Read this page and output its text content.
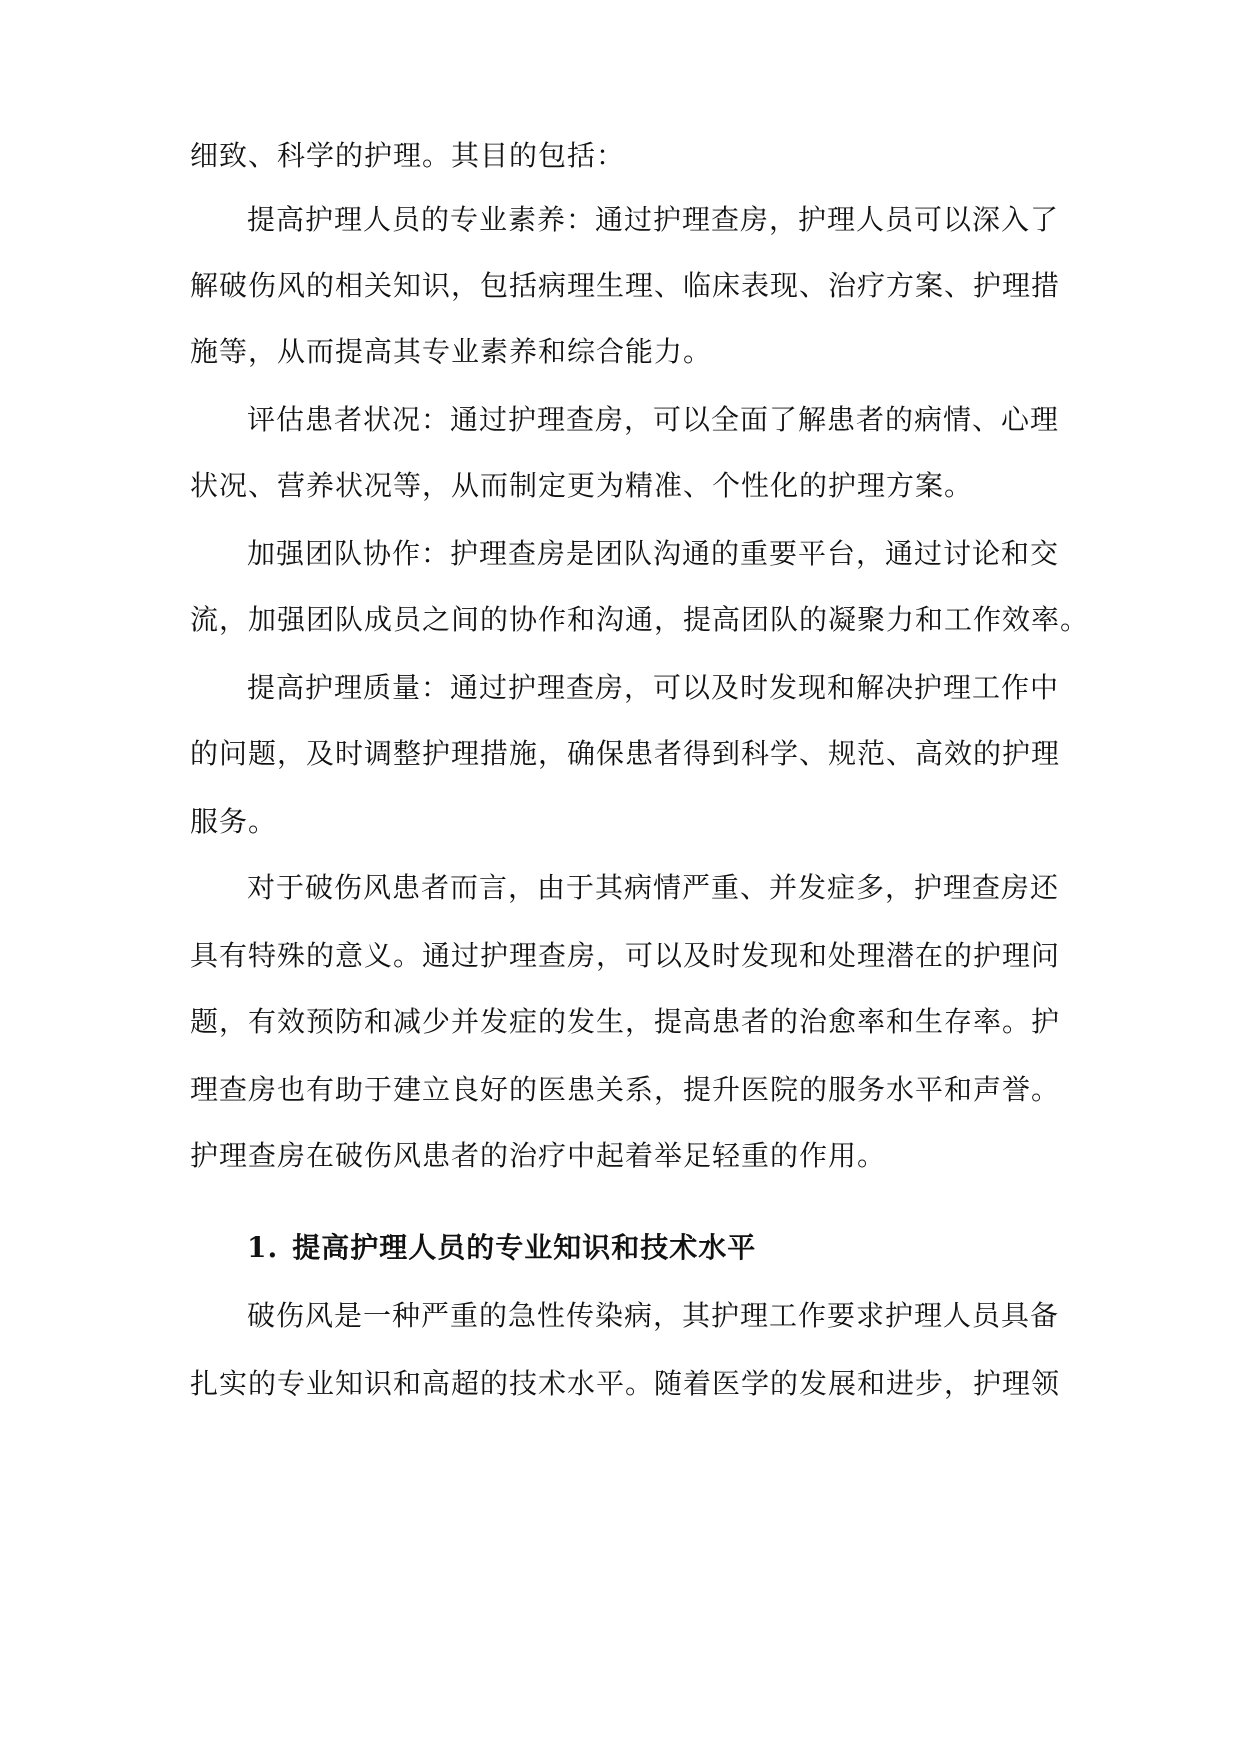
细致、科学的护理。其目的包括：
提高护理人员的专业素养：通过护理查房，护理人员可以深入了
解破伤风的相关知识，包括病理生理、临床表现、治疗方案、护理措
施等，从而提高其专业素养和综合能力。
评估患者状况：通过护理查房，可以全面了解患者的病情、心理
状况、营养状况等，从而制定更为精准、个性化的护理方案。
加强团队协作：护理查房是团队沟通的重要平台，通过讨论和交
流，加强团队成员之间的协作和沟通，提高团队的凝聚力和工作效率。
提高护理质量：通过护理查房，可以及时发现和解决护理工作中
的问题，及时调整护理措施，确保患者得到科学、规范、高效的护理
服务。
对于破伤风患者而言，由于其病情严重、并发症多，护理查房还
具有特殊的意义。通过护理查房，可以及时发现和处理潜在的护理问
题，有效预防和减少并发症的发生，提高患者的治愈率和生存率。护
理查房也有助于建立良好的医患关系，提升医院的服务水平和声誉。
护理查房在破伤风患者的治疗中起着举足轻重的作用。
1. 提高护理人员的专业知识和技术水平
破伤风是一种严重的急性传染病，其护理工作要求护理人员具备
扎实的专业知识和高超的技术水平。随着医学的发展和进步，护理领
